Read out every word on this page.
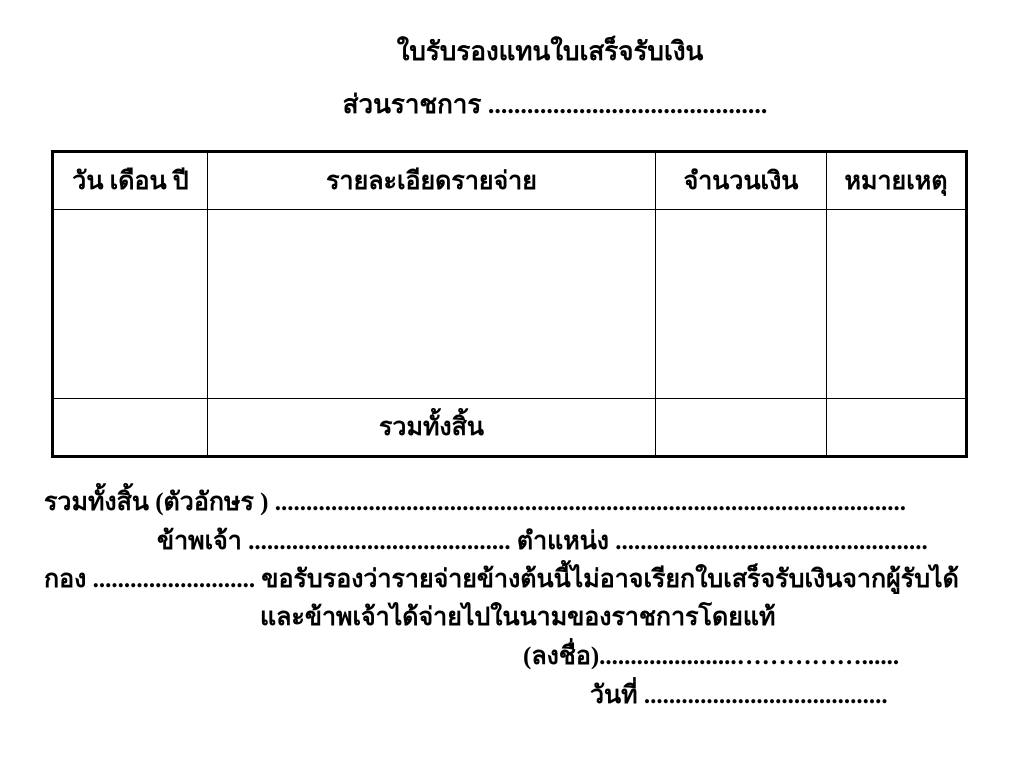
ใบรับรองแทนใบเสร็จรับเงิน
ส่วนราชการ ...........................................
วัน เดือน ปี	รายละเอียดรายจ่าย	จำนวนเงิน	หมายเหตุ

	รวมทั้งสิ้น		
รวมทั้งสิ้น (ตัวอักษร ) .....................................................................................................
ข้าพเจ้า .......................................... ตำแหน่ง ..................................................
กอง .......................... ขอรับรองว่ารายจ่ายข้างต้นนี้ไม่อาจเรียกใบเสร็จรับเงินจากผู้รับได้
และข้าพเจ้าได้จ่ายไปในนามของราชการโดยแท้
(ลงชื่อ)......................……………......
วันที่ .......................................
